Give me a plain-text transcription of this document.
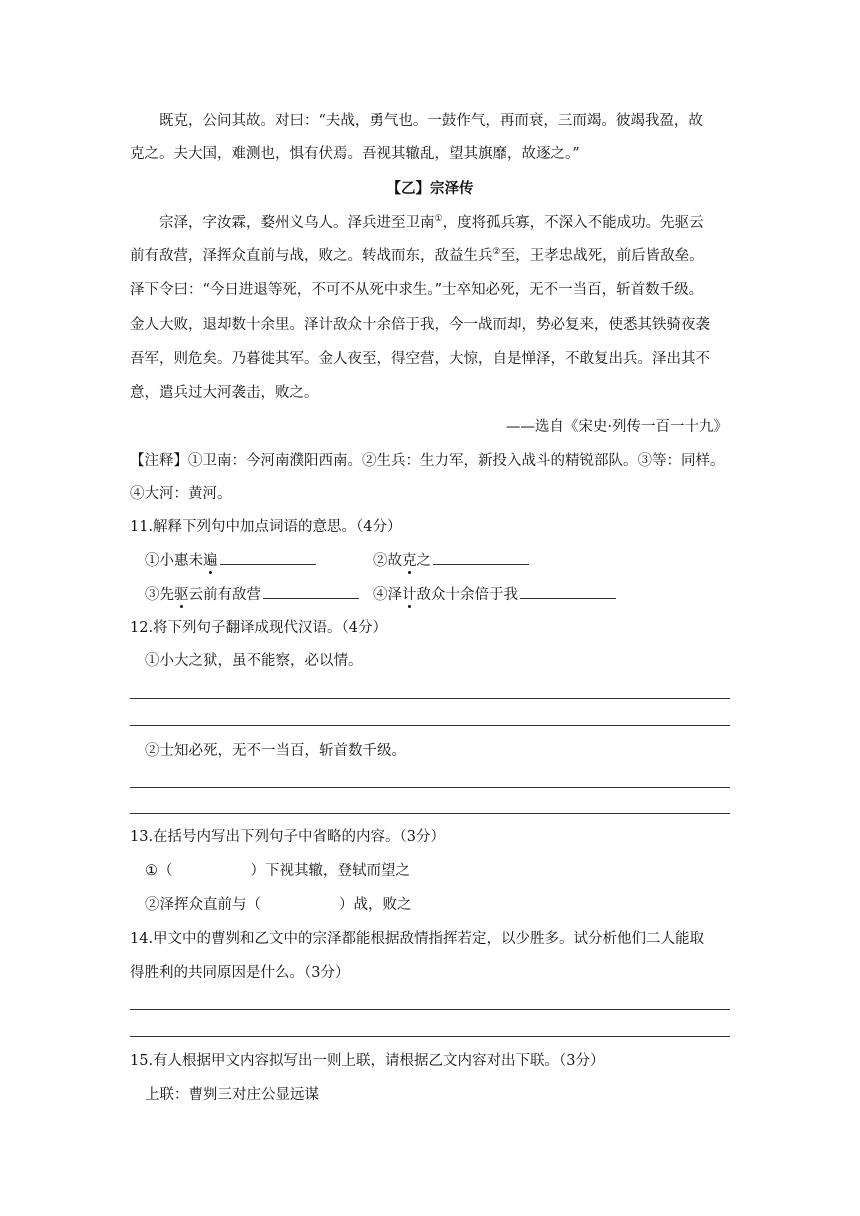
既克，公问其故。对曰：“夫战，勇气也。一鼓作气，再而衰，三而竭。彼竭我盈，故
克之。夫大国，难测也，惧有伏焉。吾视其辙乱，望其旗靡，故逐之。”
【乙】宗泽传
宗泽，字汝霖，婺州义乌人。泽兵进至卫南①，度将孤兵寡，不深入不能成功。先驱云
前有敌营，泽挥众直前与战，败之。转战而东，敌益生兵②至，王孝忠战死，前后皆敌垒。
泽下令曰：“今日进退等死，不可不从死中求生。”士卒知必死，无不一当百，斩首数千级。
金人大败，退却数十余里。泽计敌众十余倍于我，今一战而却，势必复来，使悉其铁骑夜袭
吾军，则危矣。乃暮徙其军。金人夜至，得空营，大惊，自是惮泽，不敢复出兵。泽出其不
意，遣兵过大河袭击，败之。
——选自《宋史·列传一百一十九》
【注释】①卫南：今河南濮阳西南。②生兵：生力军，新投入战斗的精锐部队。③等：同样。
④大河：黄河。
11.解释下列句中加点词语的意思。（4分）
①小惠未遍	②故克之
③先驱云前有敌营	④泽计敌众十余倍于我
12.将下列句子翻译成现代汉语。（4分）
①小大之狱，虽不能察，必以情。
②士知必死，无不一当百，斩首数千级。
13.在括号内写出下列句子中省略的内容。（3分）
①（	）下视其辙，登轼而望之
②泽挥众直前与（	）战，败之
14.甲文中的曹刿和乙文中的宗泽都能根据敌情指挥若定，以少胜多。试分析他们二人能取
得胜利的共同原因是什么。（3分）
15.有人根据甲文内容拟写出一则上联，请根据乙文内容对出下联。（3分）
上联：曹刿三对庄公显远谋
